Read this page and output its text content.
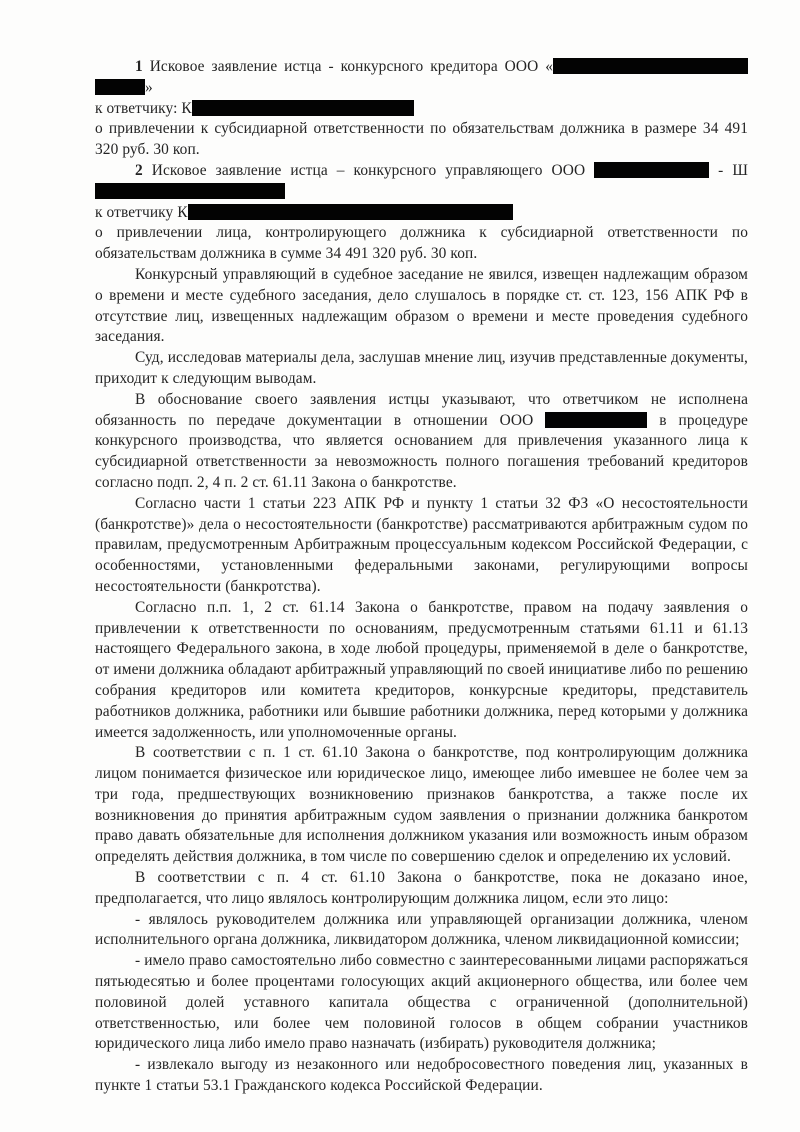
1 Исковое заявление истца - конкурсного кредитора ООО « »

к ответчику: К

о привлечении к субсидиарной ответственности по обязательствам должника в размере 34 491 320 руб. 30 коп.

2 Исковое заявление истца – конкурсного управляющего ООО	- Ш

к ответчику К

о привлечении лица, контролирующего должника к субсидиарной ответственности по обязательствам должника в сумме 34 491 320 руб. 30 коп.

Конкурсный управляющий в судебное заседание не явился, извещен надлежащим образом о времени и месте судебного заседания, дело слушалось в порядке ст. ст. 123, 156 АПК РФ в отсутствие лиц, извещенных надлежащим образом о времени и месте проведения судебного заседания.

Суд, исследовав материалы дела, заслушав мнение лиц, изучив представленные документы, приходит к следующим выводам.

В обоснование своего заявления истцы указывают, что ответчиком не исполнена обязанность по передаче документации в отношении ООО	в процедуре конкурсного производства, что является основанием для привлечения указанного лица к субсидиарной ответственности за невозможность полного погашения требований кредиторов согласно подп. 2, 4 п. 2 ст. 61.11 Закона о банкротстве.

Согласно части 1 статьи 223 АПК РФ и пункту 1 статьи 32 ФЗ «О несостоятельности (банкротстве)» дела о несостоятельности (банкротстве) рассматриваются арбитражным судом по правилам, предусмотренным Арбитражным процессуальным кодексом Российской Федерации, с особенностями, установленными федеральными законами, регулирующими вопросы несостоятельности (банкротства).

Согласно п.п. 1, 2 ст. 61.14 Закона о банкротстве, правом на подачу заявления о привлечении к ответственности по основаниям, предусмотренным статьями 61.11 и 61.13 настоящего Федерального закона, в ходе любой процедуры, применяемой в деле о банкротстве, от имени должника обладают арбитражный управляющий по своей инициативе либо по решению собрания кредиторов или комитета кредиторов, конкурсные кредиторы, представитель работников должника, работники или бывшие работники должника, перед которыми у должника имеется задолженность, или уполномоченные органы.

В соответствии с п. 1 ст. 61.10 Закона о банкротстве, под контролирующим должника лицом понимается физическое или юридическое лицо, имеющее либо имевшее не более чем за три года, предшествующих возникновению признаков банкротства, а также после их возникновения до принятия арбитражным судом заявления о признании должника банкротом право давать обязательные для исполнения должником указания или возможность иным образом определять действия должника, в том числе по совершению сделок и определению их условий.

В соответствии с п. 4 ст. 61.10 Закона о банкротстве, пока не доказано иное, предполагается, что лицо являлось контролирующим должника лицом, если это лицо:

- являлось руководителем должника или управляющей организации должника, членом исполнительного органа должника, ликвидатором должника, членом ликвидационной комиссии;

- имело право самостоятельно либо совместно с заинтересованными лицами распоряжаться пятьюдесятью и более процентами голосующих акций акционерного общества, или более чем половиной долей уставного капитала общества с ограниченной (дополнительной) ответственностью, или более чем половиной голосов в общем собрании участников юридического лица либо имело право назначать (избирать) руководителя должника;

- извлекало выгоду из незаконного или недобросовестного поведения лиц, указанных в пункте 1 статьи 53.1 Гражданского кодекса Российской Федерации.
